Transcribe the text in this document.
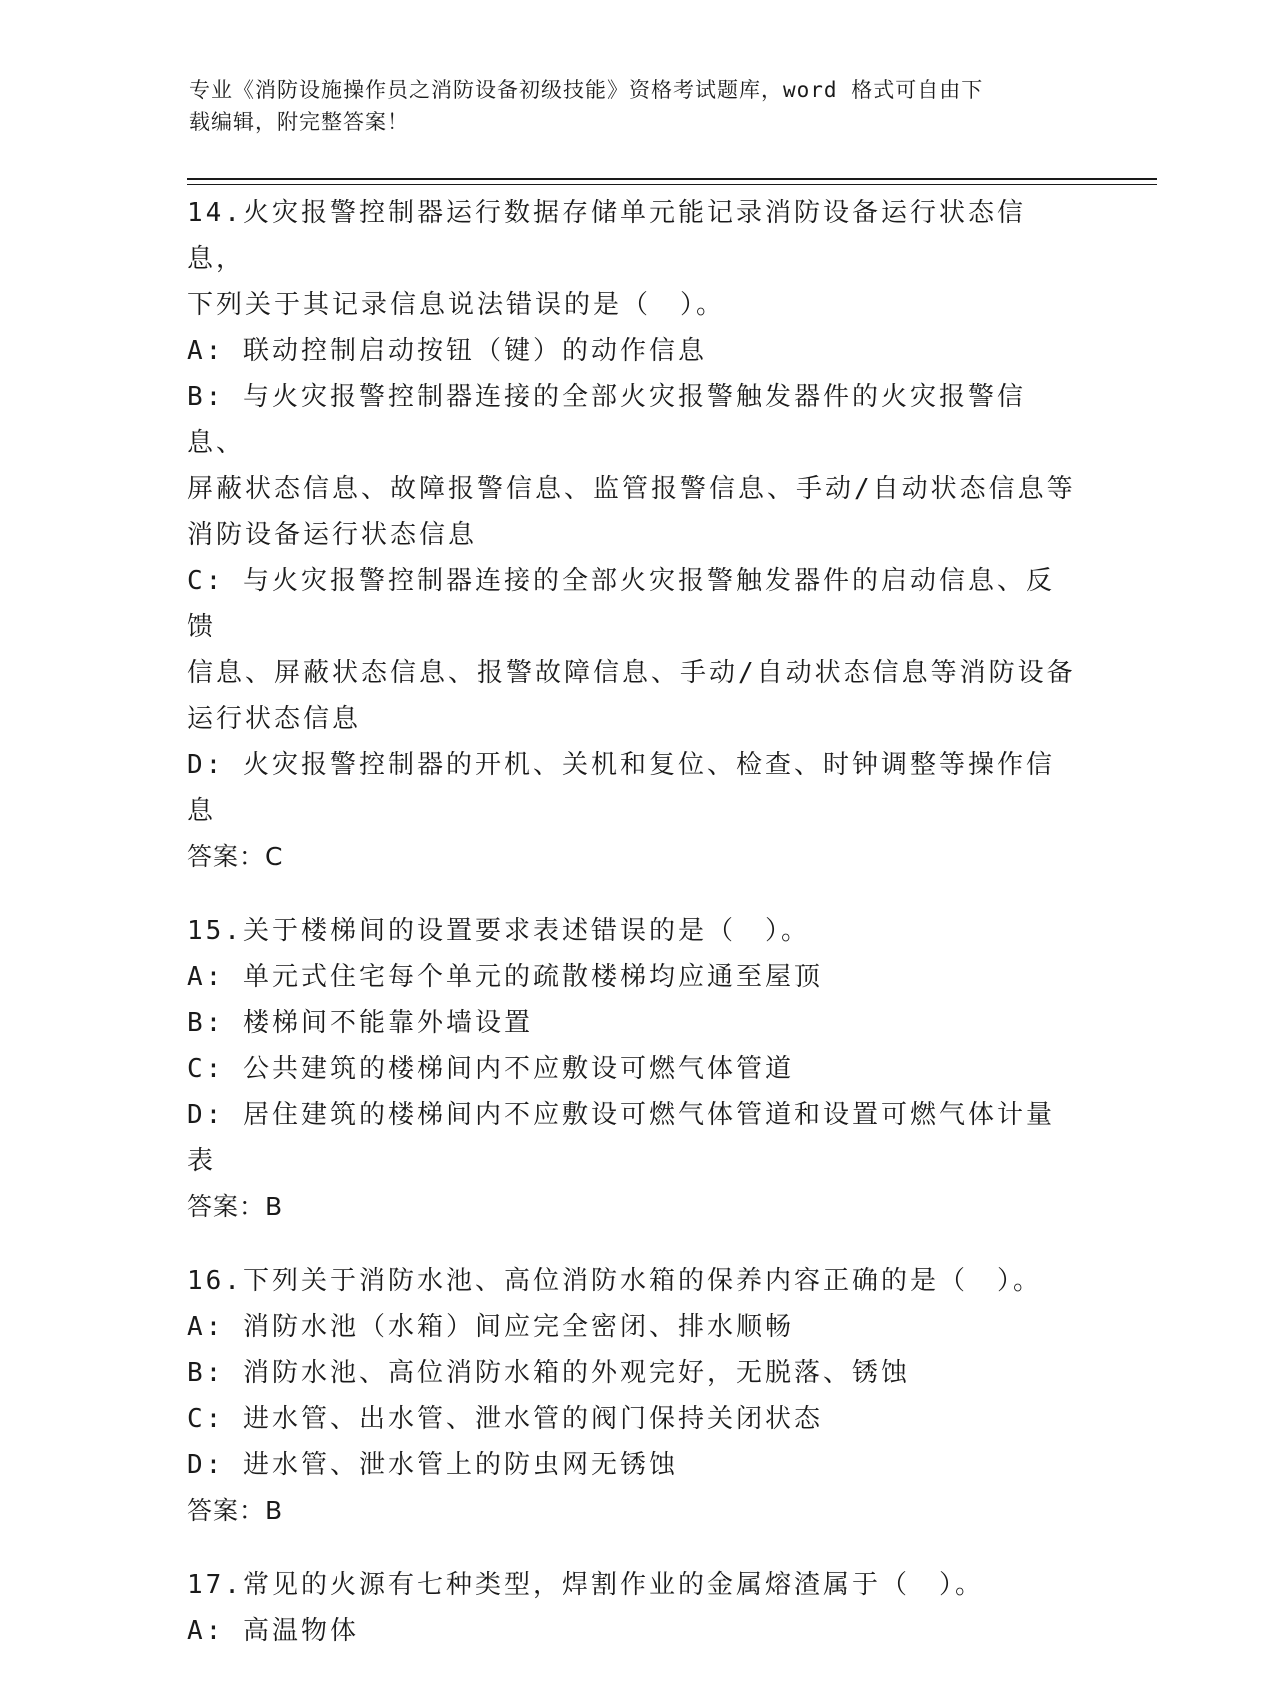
专业《消防设施操作员之消防设备初级技能》资格考试题库，word 格式可自由下
载编辑，附完整答案！
14.火灾报警控制器运行数据存储单元能记录消防设备运行状态信息，
下列关于其记录信息说法错误的是（　）。
A: 联动控制启动按钮（键）的动作信息
B: 与火灾报警控制器连接的全部火灾报警触发器件的火灾报警信息、
屏蔽状态信息、故障报警信息、监管报警信息、手动/自动状态信息等
消防设备运行状态信息
C: 与火灾报警控制器连接的全部火灾报警触发器件的启动信息、反馈
信息、屏蔽状态信息、报警故障信息、手动/自动状态信息等消防设备
运行状态信息
D: 火灾报警控制器的开机、关机和复位、检查、时钟调整等操作信息
答案：C
15.关于楼梯间的设置要求表述错误的是（　）。
A: 单元式住宅每个单元的疏散楼梯均应通至屋顶
B: 楼梯间不能靠外墙设置
C: 公共建筑的楼梯间内不应敷设可燃气体管道
D: 居住建筑的楼梯间内不应敷设可燃气体管道和设置可燃气体计量表
答案：B
16.下列关于消防水池、高位消防水箱的保养内容正确的是（　）。
A: 消防水池（水箱）间应完全密闭、排水顺畅
B: 消防水池、高位消防水箱的外观完好，无脱落、锈蚀
C: 进水管、出水管、泄水管的阀门保持关闭状态
D: 进水管、泄水管上的防虫网无锈蚀
答案：B
17.常见的火源有七种类型，焊割作业的金属熔渣属于（　）。
A: 高温物体
